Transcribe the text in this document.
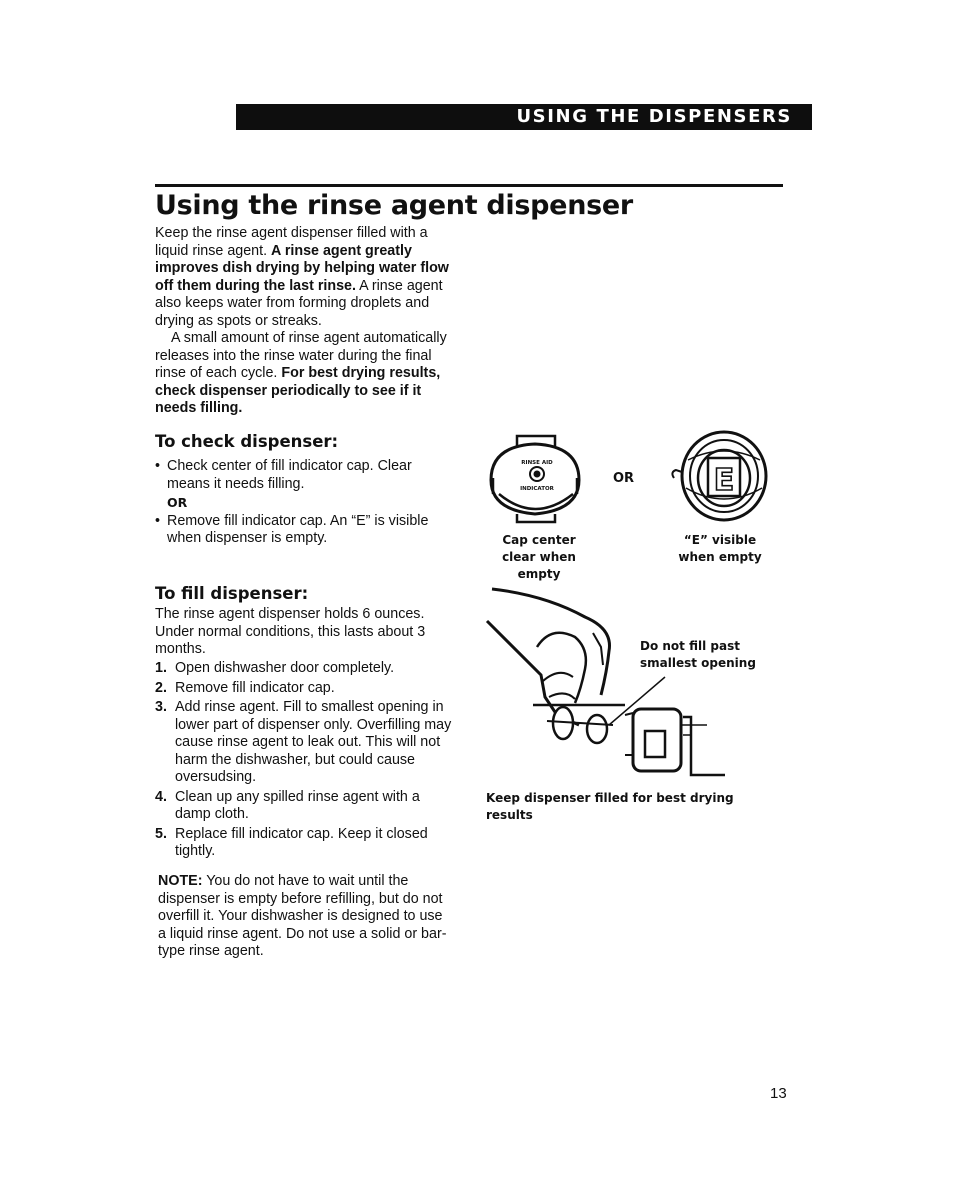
USING THE DISPENSERS
Using the rinse agent dispenser

Keep the rinse agent dispenser filled with a liquid rinse agent. A rinse agent greatly improves dish drying by helping water flow off them during the last rinse. A rinse agent also keeps water from forming droplets and drying as spots or streaks.

A small amount of rinse agent automatically releases into the rinse water during the final rinse of each cycle. For best drying results, check dispenser periodically to see if it needs filling.

To check dispenser:
• Check center of fill indicator cap. Clear means it needs filling.
OR
• Remove fill indicator cap. An “E” is visible when dispenser is empty.
To fill dispenser:

The rinse agent dispenser holds 6 ounces. Under normal conditions, this lasts about 3 months.

1. Open dishwasher door completely.
2. Remove fill indicator cap.
3. Add rinse agent. Fill to smallest opening in lower part of dispenser only. Overfilling may cause rinse agent to leak out. This will not harm the dishwasher, but could cause oversudsing.
4. Clean up any spilled rinse agent with a damp cloth.
5. Replace fill indicator cap. Keep it closed tightly.

NOTE: You do not have to wait until the dispenser is empty before refilling, but do not overfill it. Your dishwasher is designed to use a liquid rinse agent. Do not use a solid or bar-type rinse agent.

RINSE AID
INDICATOR
OR	E
Cap center clear when empty
“E” visible when empty
Do not fill past smallest opening
Keep dispenser filled for best drying results
13
